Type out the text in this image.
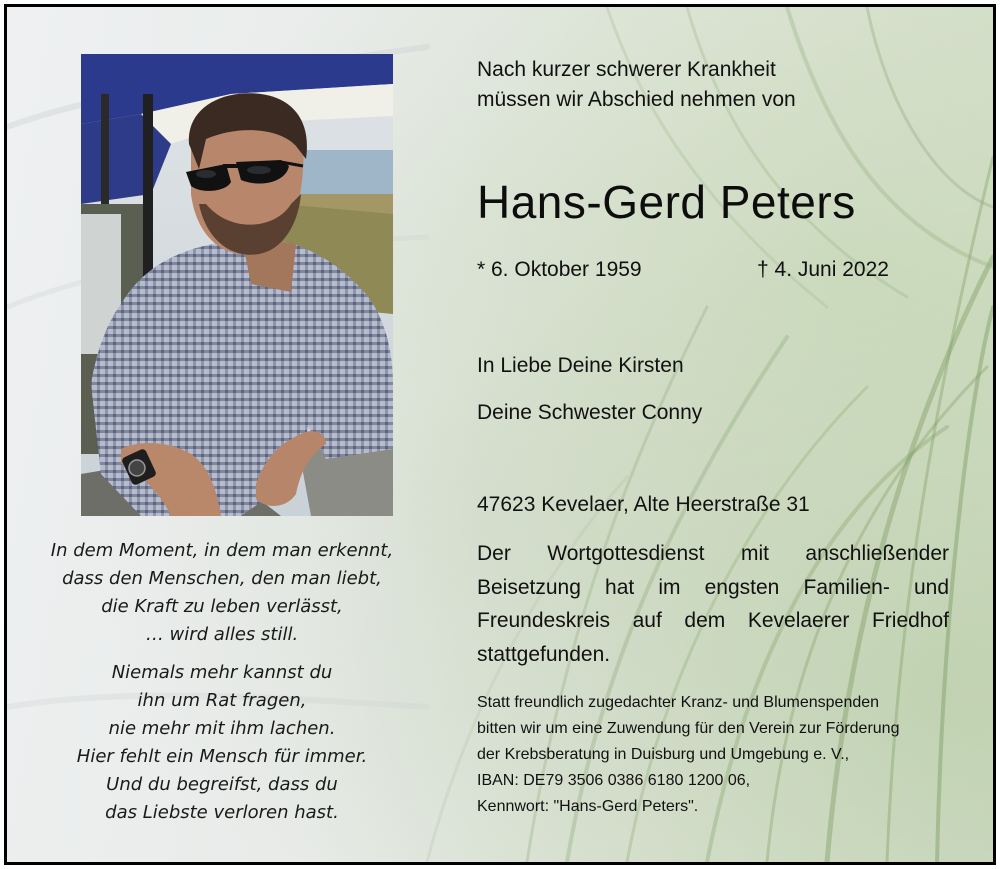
In dem Moment, in dem man erkennt,
dass den Menschen, den man liebt,
die Kraft zu leben verlässt,
… wird alles still.
Niemals mehr kannst du
ihn um Rat fragen,
nie mehr mit ihm lachen.
Hier fehlt ein Mensch für immer.
Und du begreifst, dass du
das Liebste verloren hast.
Nach kurzer schwerer Krankheit
müssen wir Abschied nehmen von
Hans-Gerd Peters
* 6. Oktober 1959	† 4. Juni 2022
In Liebe Deine Kirsten
Deine Schwester Conny
47623 Kevelaer, Alte Heerstraße 31
Der Wortgottesdienst mit anschließender Beisetzung hat im engsten Familien- und Freundeskreis auf dem Kevelaerer Friedhof stattgefunden.
Statt freundlich zugedachter Kranz- und Blumenspenden
bitten wir um eine Zuwendung für den Verein zur Förderung
der Krebsberatung in Duisburg und Umgebung e. V.,
IBAN: DE79 3506 0386 6180 1200 06,
Kennwort: "Hans-Gerd Peters".
